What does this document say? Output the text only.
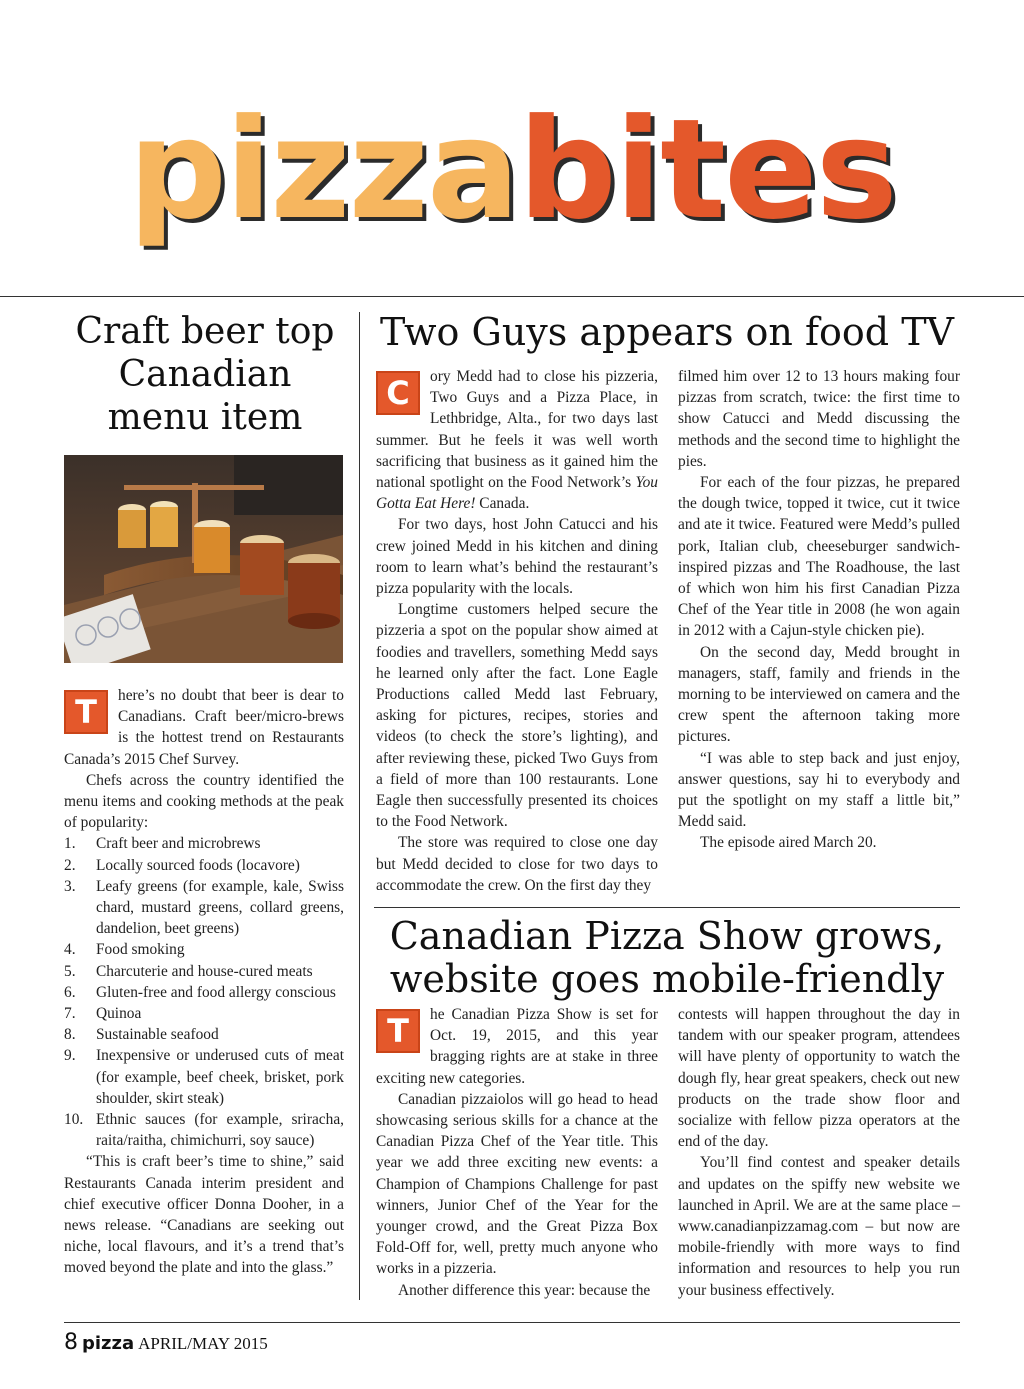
pizzabites
Craft beer top Canadian menu item

T	here’s no doubt that beer is dear to Canadians. Craft beer/micro-brews is the hottest trend on Restaurants Canada’s 2015 Chef Survey.

Chefs across the country identified the menu items and cooking methods at the peak of popularity:

1.	Craft beer and microbrews
2.	Locally sourced foods (locavore)
3.	Leafy greens (for example, kale, Swiss chard, mustard greens, collard greens, dandelion, beet greens)
4.	Food smoking
5.	Charcuterie and house-cured meats
6.	Gluten-free and food allergy conscious
7.	Quinoa
8.	Sustainable seafood
9.	Inexpensive or underused cuts of meat (for example, beef cheek, brisket, pork shoulder, skirt steak)
10. Ethnic sauces (for example, sriracha, raita/raitha, chimichurri, soy sauce)

“This is craft beer’s time to shine,” said Restaurants Canada interim president and chief executive officer Donna Dooher, in a news release. “Canadians are seeking out niche, local flavours, and it’s a trend that’s moved beyond the plate and into the glass.”

Two Guys appears on food TV

C	ory Medd had to close his pizzeria, Two Guys and a Pizza Place, in Lethbridge, Alta., for two days last summer. But he feels it was well worth sacrificing that business as it gained him the national spotlight on the Food Network’s You Gotta Eat Here! Canada.

For two days, host John Catucci and his crew joined Medd in his kitchen and dining room to learn what’s behind the restaurant’s pizza popularity with the locals.

Longtime customers helped secure the pizzeria a spot on the popular show aimed at foodies and travellers, something Medd says he learned only after the fact. Lone Eagle Productions called Medd last February, asking for pictures, recipes, stories and videos (to check the store’s lighting), and after reviewing these, picked Two Guys from a field of more than 100 restaurants. Lone Eagle then successfully presented its choices to the Food Network.

The store was required to close one day but Medd decided to close for two days to accommodate the crew. On the first day they

filmed him over 12 to 13 hours making four pizzas from scratch, twice: the first time to show Catucci and Medd discussing the methods and the second time to highlight the pies.

For each of the four pizzas, he prepared the dough twice, topped it twice, cut it twice and ate it twice. Featured were Medd’s pulled pork, Italian club, cheeseburger sandwich-inspired pizzas and The Roadhouse, the last of which won him his first Canadian Pizza Chef of the Year title in 2008 (he won again in 2012 with a Cajun-style chicken pie).

On the second day, Medd brought in managers, staff, family and friends in the morning to be interviewed on camera and the crew spent the afternoon taking more pictures.

“I was able to step back and just enjoy, answer questions, say hi to everybody and put the spotlight on my staff a little bit,” Medd said.

The episode aired March 20.

Canadian Pizza Show grows,
website goes mobile-friendly

T	he Canadian Pizza Show is set for Oct. 19, 2015, and this year bragging rights are at stake in three exciting new categories.

Canadian pizzaiolos will go head to head showcasing serious skills for a chance at the Canadian Pizza Chef of the Year title. This year we add three exciting new events: a Champion of Champions Challenge for past winners, Junior Chef of the Year for the younger crowd, and the Great Pizza Box Fold-Off for, well, pretty much anyone who works in a pizzeria.

Another difference this year: because the

contests will happen throughout the day in tandem with our speaker program, attendees will have plenty of opportunity to watch the dough fly, hear great speakers, check out new products on the trade show floor and socialize with fellow pizza operators at the end of the day.

You’ll find contest and speaker details and updates on the spiffy new website we launched in April. We are at the same place – www.canadianpizzamag.com – but now are mobile-friendly with more ways to find information and resources to help you run your business effectively.

8 pizza APRIL/MAY 2015
